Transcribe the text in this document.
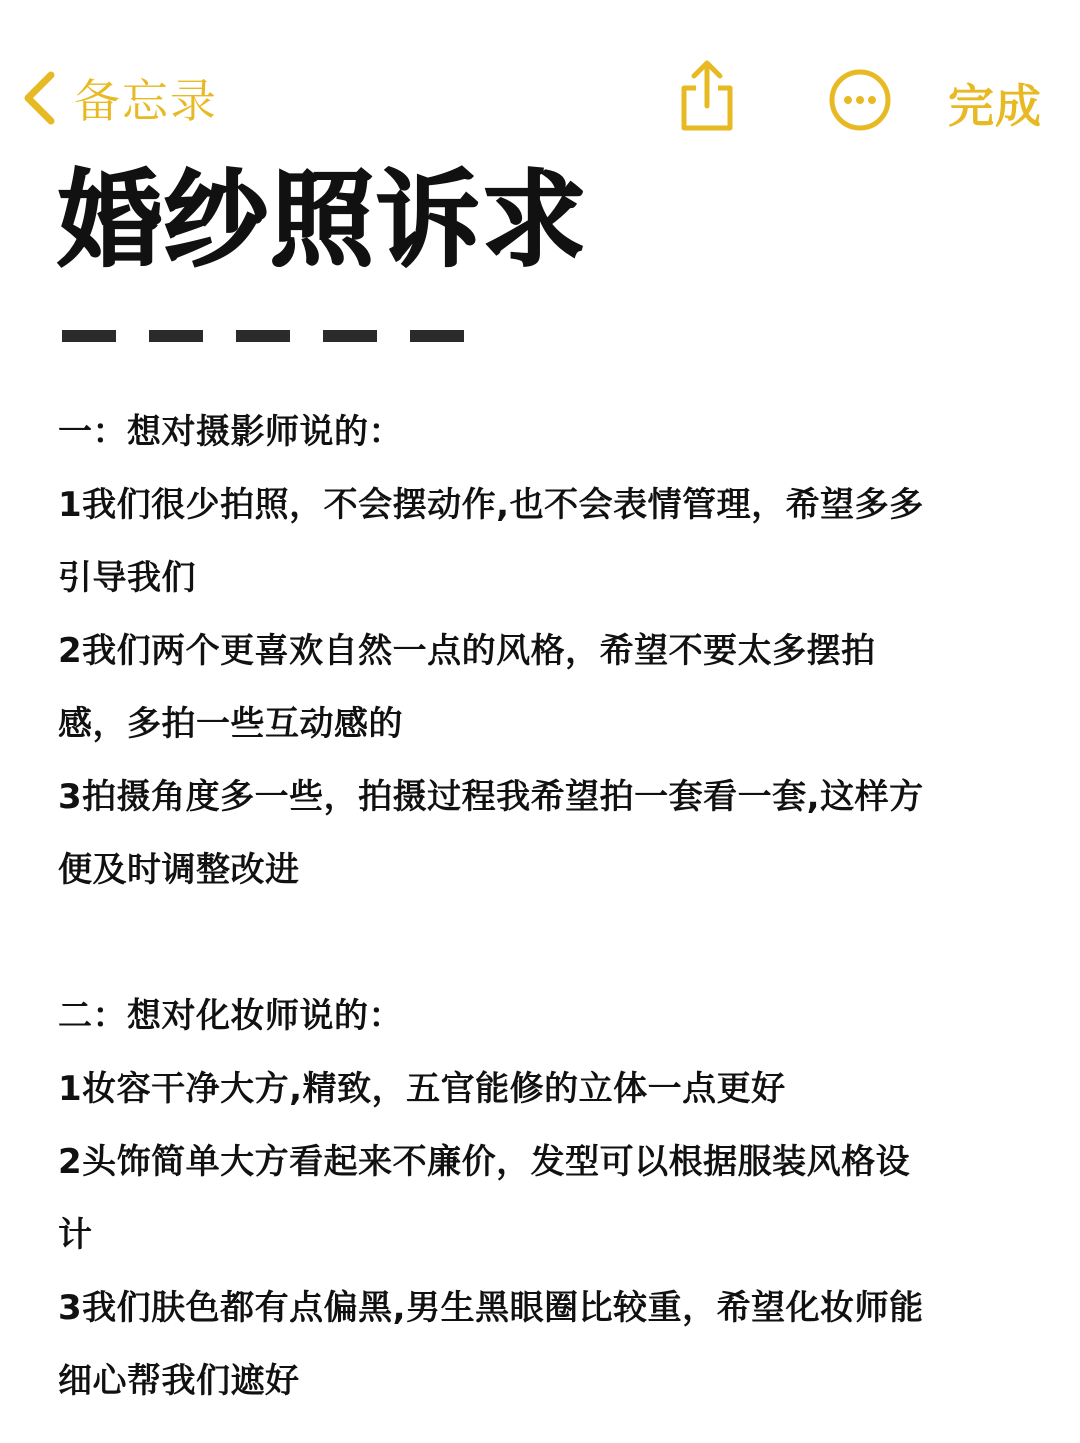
备忘录	完成
婚纱照诉求
一：想对摄影师说的：
1我们很少拍照，不会摆动作,也不会表情管理，希望多多
引导我们
2我们两个更喜欢自然一点的风格，希望不要太多摆拍
感，多拍一些互动感的
3拍摄角度多一些，拍摄过程我希望拍一套看一套,这样方
便及时调整改进
二：想对化妆师说的：
1妆容干净大方,精致，五官能修的立体一点更好
2头饰简单大方看起来不廉价，发型可以根据服装风格设
计
3我们肤色都有点偏黑,男生黑眼圈比较重，希望化妆师能
细心帮我们遮好
